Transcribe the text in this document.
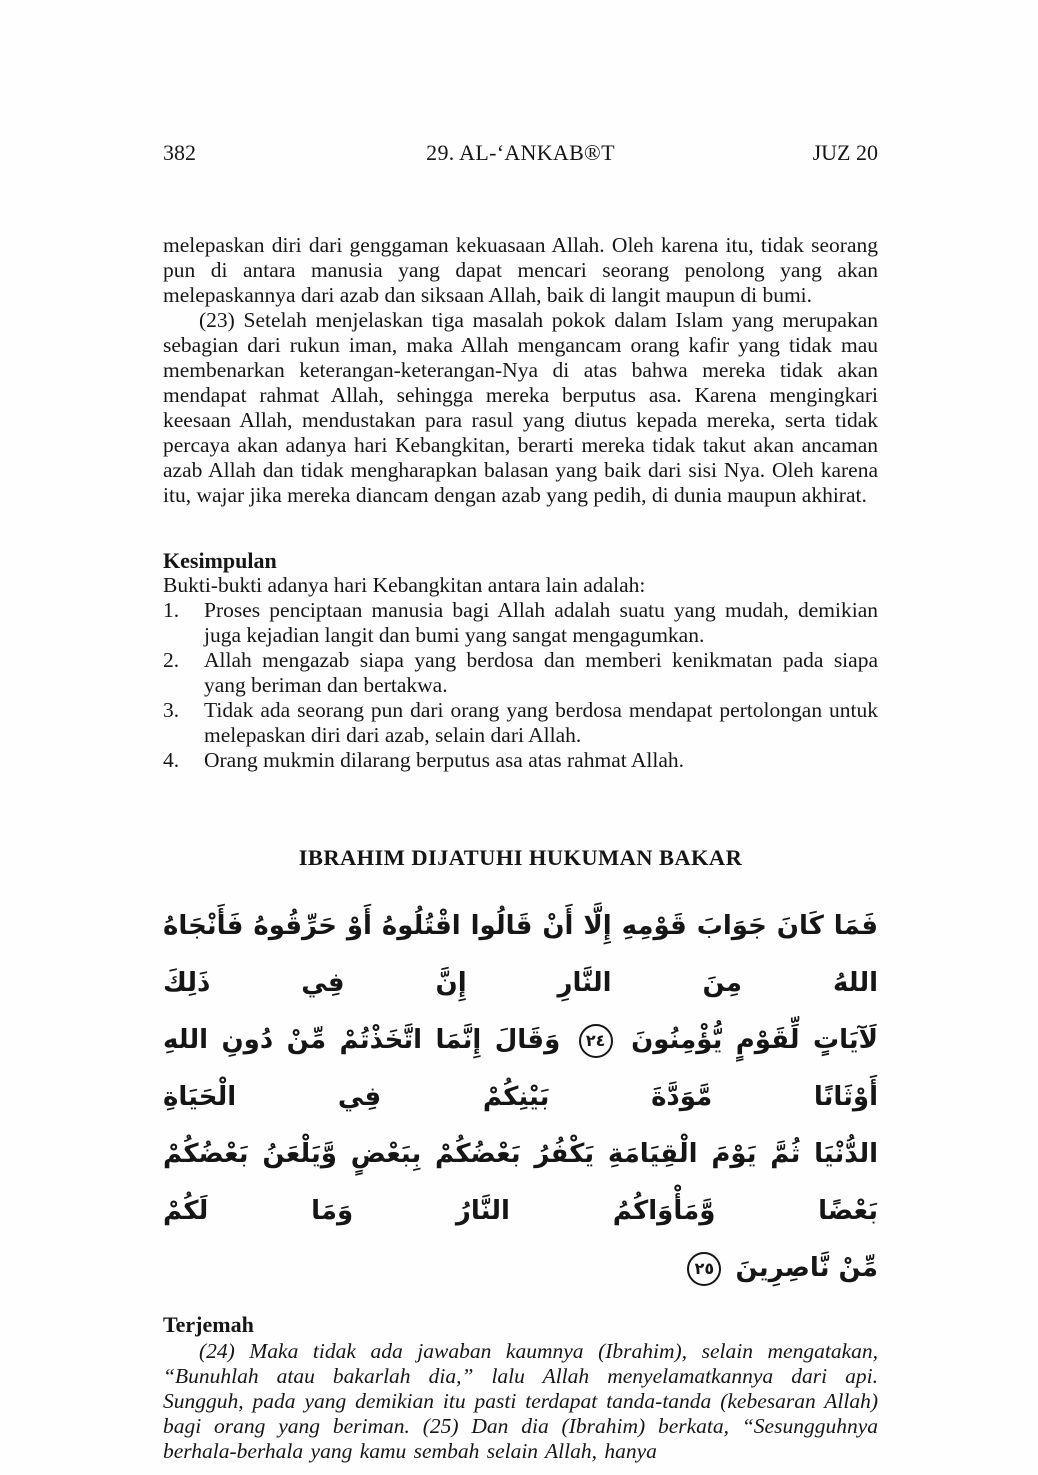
382	29. AL-‘ANKAB®T	JUZ 20

melepaskan diri dari genggaman kekuasaan Allah. Oleh karena itu, tidak seorang pun di antara manusia yang dapat mencari seorang penolong yang akan melepaskannya dari azab dan siksaan Allah, baik di langit maupun di bumi.

(23) Setelah menjelaskan tiga masalah pokok dalam Islam yang merupakan sebagian dari rukun iman, maka Allah mengancam orang kafir yang tidak mau membenarkan keterangan-keterangan-Nya di atas bahwa mereka tidak akan mendapat rahmat Allah, sehingga mereka berputus asa. Karena mengingkari keesaan Allah, mendustakan para rasul yang diutus kepada mereka, serta tidak percaya akan adanya hari Kebangkitan, berarti mereka tidak takut akan ancaman azab Allah dan tidak mengharapkan balasan yang baik dari sisi Nya. Oleh karena itu, wajar jika mereka diancam dengan azab yang pedih, di dunia maupun akhirat.

Kesimpulan

Bukti-bukti adanya hari Kebangkitan antara lain adalah:

1.	Proses penciptaan manusia bagi Allah adalah suatu yang mudah, demikian juga kejadian langit dan bumi yang sangat mengagumkan.
2.	Allah mengazab siapa yang berdosa dan memberi kenikmatan pada siapa yang beriman dan bertakwa.
3.	Tidak ada seorang pun dari orang yang berdosa mendapat pertolongan untuk melepaskan diri dari azab, selain dari Allah.
4.	Orang mukmin dilarang berputus asa atas rahmat Allah.
IBRAHIM DIJATUHI HUKUMAN BAKAR
فَمَا كَانَ جَوَابَ قَوْمِهِ إِلَّا أَنْ قَالُوا اقْتُلُوهُ أَوْ حَرِّقُوهُ فَأَنْجَاهُ اللهُ مِنَ النَّارِ إِنَّ فِي ذَلِكَ
لَآيَاتٍ لِّقَوْمٍ يُّؤْمِنُونَ ٢٤ وَقَالَ إِنَّمَا اتَّخَذْتُمْ مِّنْ دُونِ اللهِ أَوْثَانًا مَّوَدَّةَ بَيْنِكُمْ فِي الْحَيَاةِ
الدُّنْيَا ثُمَّ يَوْمَ الْقِيَامَةِ يَكْفُرُ بَعْضُكُمْ بِبَعْضٍ وَّيَلْعَنُ بَعْضُكُمْ بَعْضًا وَّمَأْوَاكُمُ النَّارُ وَمَا لَكُمْ
مِّنْ نَّاصِرِينَ ٢٥
Terjemah

(24) Maka tidak ada jawaban kaumnya (Ibrahim), selain mengatakan, “Bunuhlah atau bakarlah dia,” lalu Allah menyelamatkannya dari api. Sungguh, pada yang demikian itu pasti terdapat tanda-tanda (kebesaran Allah) bagi orang yang beriman. (25) Dan dia (Ibrahim) berkata, “Sesungguhnya berhala-berhala yang kamu sembah selain Allah, hanya
